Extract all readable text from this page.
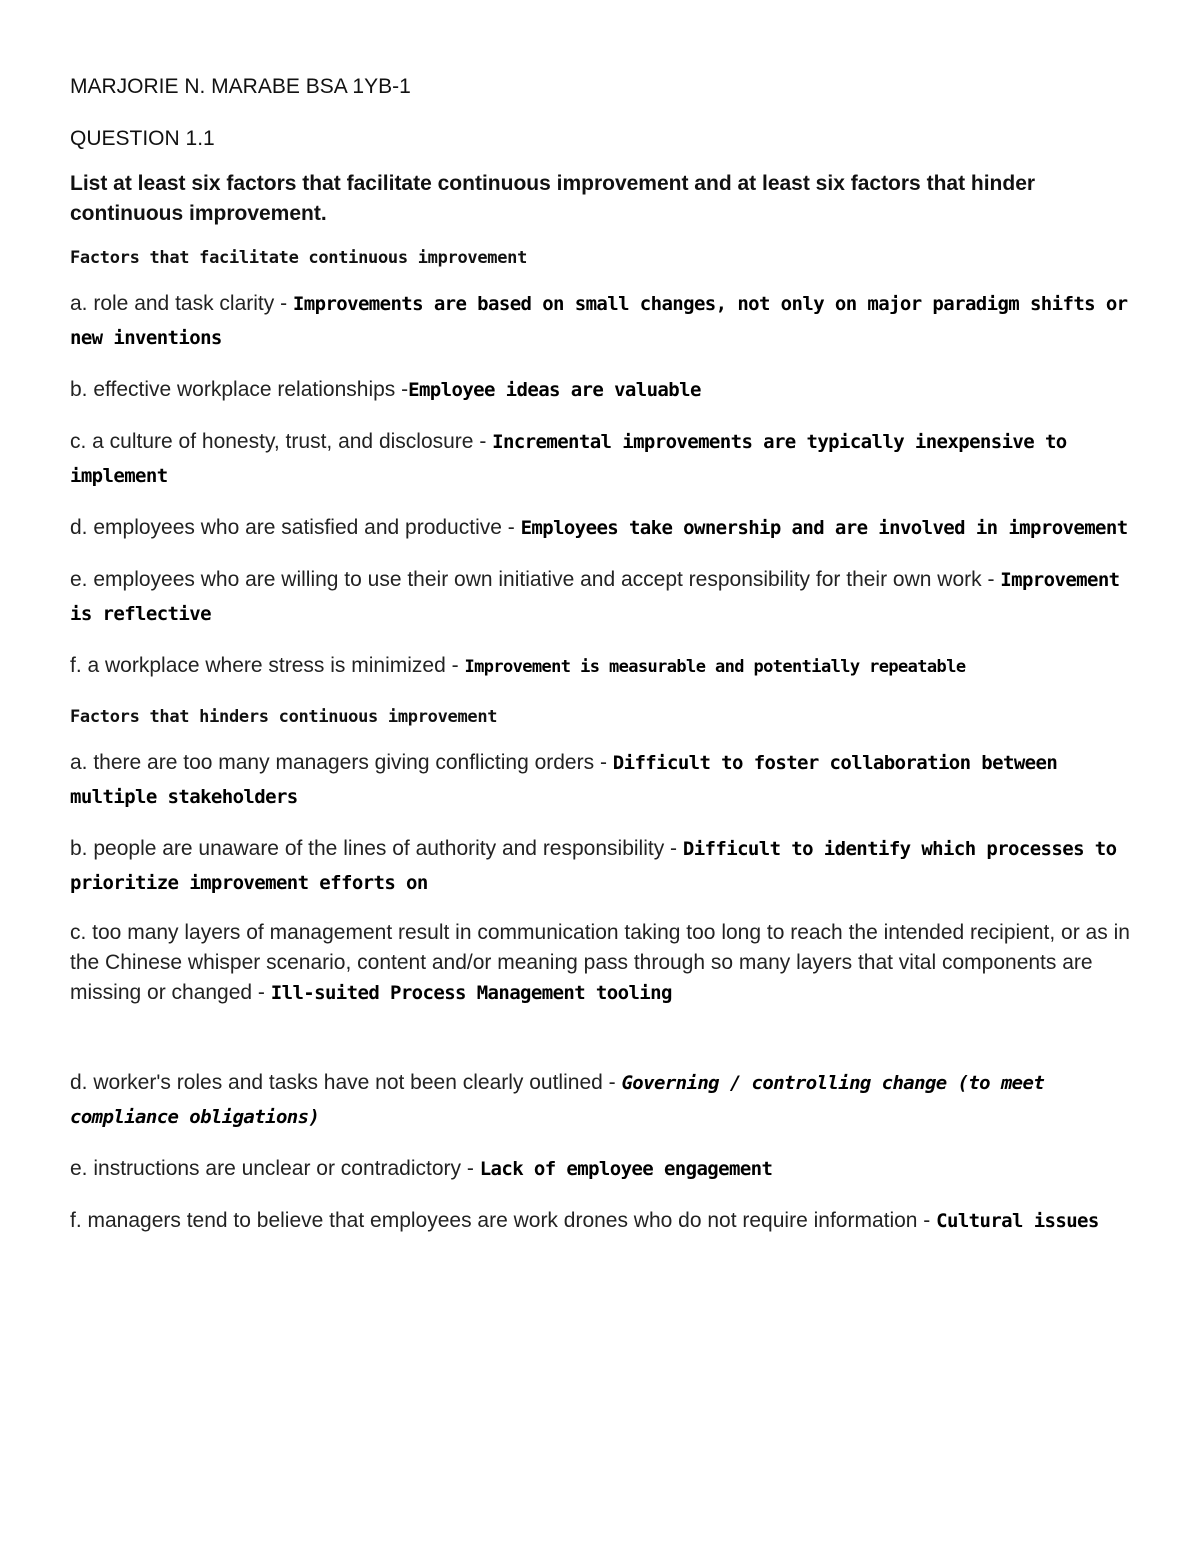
MARJORIE N. MARABE BSA 1YB-1

QUESTION 1.1

List at least six factors that facilitate continuous improvement and at least six factors that hinder continuous improvement.

Factors that facilitate continuous improvement

a. role and task clarity - Improvements are based on small changes, not only on major paradigm shifts or new inventions

b. effective workplace relationships -Employee ideas are valuable

c. a culture of honesty, trust, and disclosure - Incremental improvements are typically inexpensive to implement

d. employees who are satisfied and productive - Employees take ownership and are involved in improvement

e. employees who are willing to use their own initiative and accept responsibility for their own work - Improvement is reflective

f. a workplace where stress is minimized - Improvement is measurable and potentially repeatable

Factors that hinders continuous improvement

a. there are too many managers giving conflicting orders - Difficult to foster collaboration between multiple stakeholders

b. people are unaware of the lines of authority and responsibility - Difficult to identify which processes to prioritize improvement efforts on

c. too many layers of management result in communication taking too long to reach the intended recipient, or as in the Chinese whisper scenario, content and/or meaning pass through so many layers that vital components are missing or changed - Ill-suited Process Management tooling

d. worker's roles and tasks have not been clearly outlined - Governing / controlling change (to meet compliance obligations)

e. instructions are unclear or contradictory - Lack of employee engagement

f. managers tend to believe that employees are work drones who do not require information - Cultural issues
